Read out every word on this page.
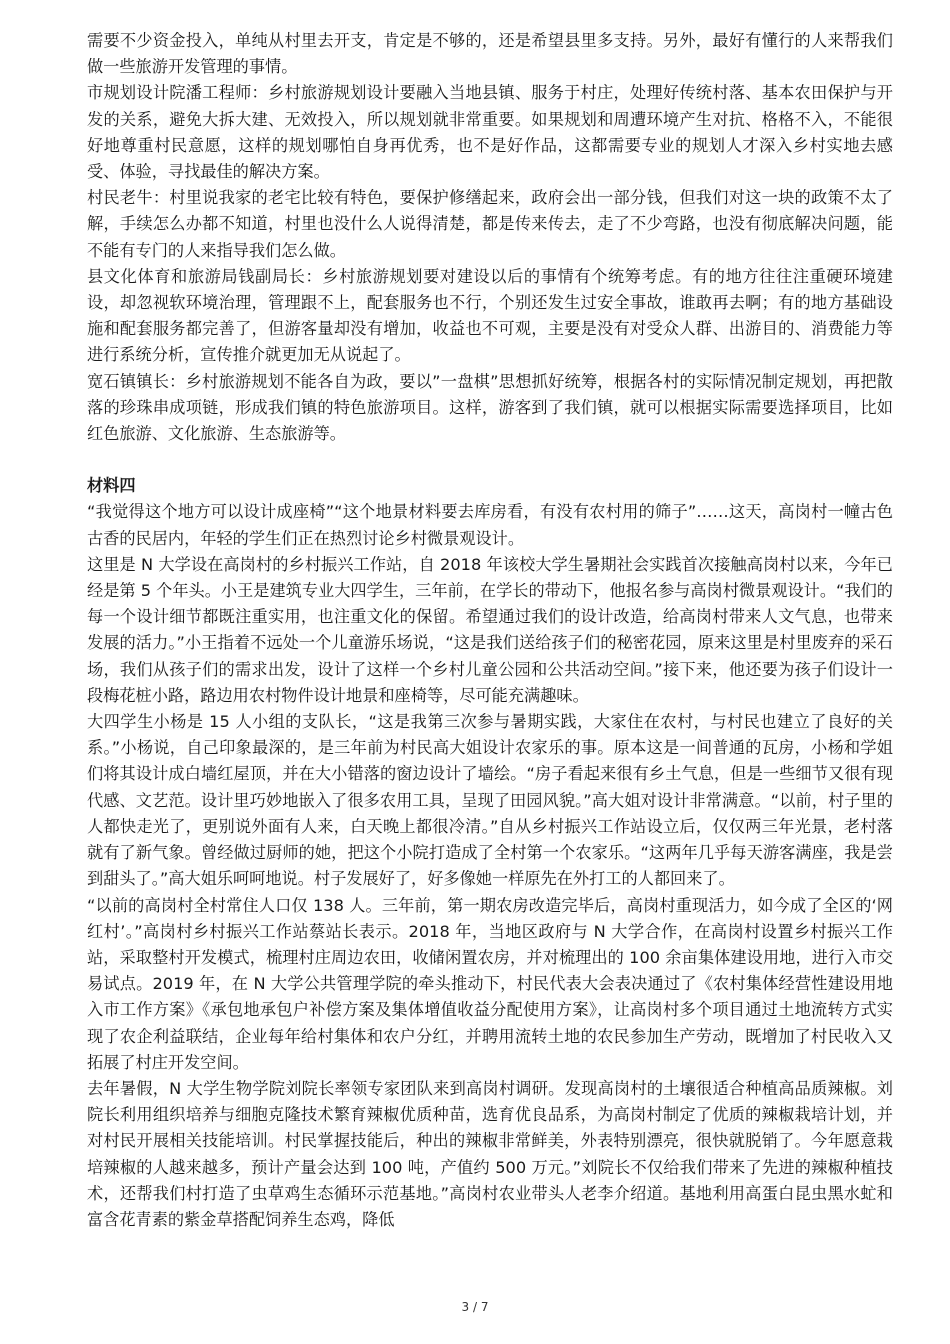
需要不少资金投入，单纯从村里去开支，肯定是不够的，还是希望县里多支持。另外，最好有懂行的人来帮我们做一些旅游开发管理的事情。

市规划设计院潘工程师：乡村旅游规划设计要融入当地县镇、服务于村庄，处理好传统村落、基本农田保护与开发的关系，避免大拆大建、无效投入，所以规划就非常重要。如果规划和周遭环境产生对抗、格格不入，不能很好地尊重村民意愿，这样的规划哪怕自身再优秀，也不是好作品，这都需要专业的规划人才深入乡村实地去感受、体验，寻找最佳的解决方案。

村民老牛：村里说我家的老宅比较有特色，要保护修缮起来，政府会出一部分钱，但我们对这一块的政策不太了解，手续怎么办都不知道，村里也没什么人说得清楚，都是传来传去，走了不少弯路，也没有彻底解决问题，能不能有专门的人来指导我们怎么做。

县文化体育和旅游局钱副局长：乡村旅游规划要对建设以后的事情有个统筹考虑。有的地方往往注重硬环境建设，却忽视软环境治理，管理跟不上，配套服务也不行，个别还发生过安全事故，谁敢再去啊；有的地方基础设施和配套服务都完善了，但游客量却没有增加，收益也不可观，主要是没有对受众人群、出游目的、消费能力等进行系统分析，宣传推介就更加无从说起了。

宽石镇镇长：乡村旅游规划不能各自为政，要以”一盘棋”思想抓好统筹，根据各村的实际情况制定规划，再把散落的珍珠串成项链，形成我们镇的特色旅游项目。这样，游客到了我们镇，就可以根据实际需要选择项目，比如红色旅游、文化旅游、生态旅游等。

材料四

“我觉得这个地方可以设计成座椅”“这个地景材料要去库房看，有没有农村用的筛子”……这天，高岗村一幢古色古香的民居内，年轻的学生们正在热烈讨论乡村微景观设计。

这里是 N 大学设在高岗村的乡村振兴工作站，自 2018 年该校大学生暑期社会实践首次接触高岗村以来，今年已经是第 5 个年头。小王是建筑专业大四学生，三年前，在学长的带动下，他报名参与高岗村微景观设计。“我们的每一个设计细节都既注重实用，也注重文化的保留。希望通过我们的设计改造，给高岗村带来人文气息，也带来发展的活力。”小王指着不远处一个儿童游乐场说，“这是我们送给孩子们的秘密花园，原来这里是村里废弃的采石场，我们从孩子们的需求出发，设计了这样一个乡村儿童公园和公共活动空间。”接下来，他还要为孩子们设计一段梅花桩小路，路边用农村物件设计地景和座椅等，尽可能充满趣味。

大四学生小杨是 15 人小组的支队长，“这是我第三次参与暑期实践，大家住在农村，与村民也建立了良好的关系。”小杨说，自己印象最深的，是三年前为村民高大姐设计农家乐的事。原本这是一间普通的瓦房，小杨和学姐们将其设计成白墙红屋顶，并在大小错落的窗边设计了墙绘。“房子看起来很有乡土气息，但是一些细节又很有现代感、文艺范。设计里巧妙地嵌入了很多农用工具，呈现了田园风貌。”高大姐对设计非常满意。“以前，村子里的人都快走光了，更别说外面有人来，白天晚上都很冷清。”自从乡村振兴工作站设立后，仅仅两三年光景，老村落就有了新气象。曾经做过厨师的她，把这个小院打造成了全村第一个农家乐。“这两年几乎每天游客满座，我是尝到甜头了。”高大姐乐呵呵地说。村子发展好了，好多像她一样原先在外打工的人都回来了。

“以前的高岗村全村常住人口仅 138 人。三年前，第一期农房改造完毕后，高岗村重现活力，如今成了全区的‘网红村’。”高岗村乡村振兴工作站蔡站长表示。2018 年，当地区政府与 N 大学合作，在高岗村设置乡村振兴工作站，采取整村开发模式，梳理村庄周边农田，收储闲置农房，并对梳理出的 100 余亩集体建设用地，进行入市交易试点。2019 年，在 N 大学公共管理学院的牵头推动下，村民代表大会表决通过了《农村集体经营性建设用地入市工作方案》《承包地承包户补偿方案及集体增值收益分配使用方案》，让高岗村多个项目通过土地流转方式实现了农企利益联结，企业每年给村集体和农户分红，并聘用流转土地的农民参加生产劳动，既增加了村民收入又拓展了村庄开发空间。

去年暑假，N 大学生物学院刘院长率领专家团队来到高岗村调研。发现高岗村的土壤很适合种植高品质辣椒。刘院长利用组织培养与细胞克隆技术繁育辣椒优质种苗，选育优良品系，为高岗村制定了优质的辣椒栽培计划，并对村民开展相关技能培训。村民掌握技能后，种出的辣椒非常鲜美，外表特别漂亮，很快就脱销了。今年愿意栽培辣椒的人越来越多，预计产量会达到 100 吨，产值约 500 万元。”刘院长不仅给我们带来了先进的辣椒种植技术，还帮我们村打造了虫草鸡生态循环示范基地。”高岗村农业带头人老李介绍道。基地利用高蛋白昆虫黑水虻和富含花青素的紫金草搭配饲养生态鸡，降低

3 / 7
